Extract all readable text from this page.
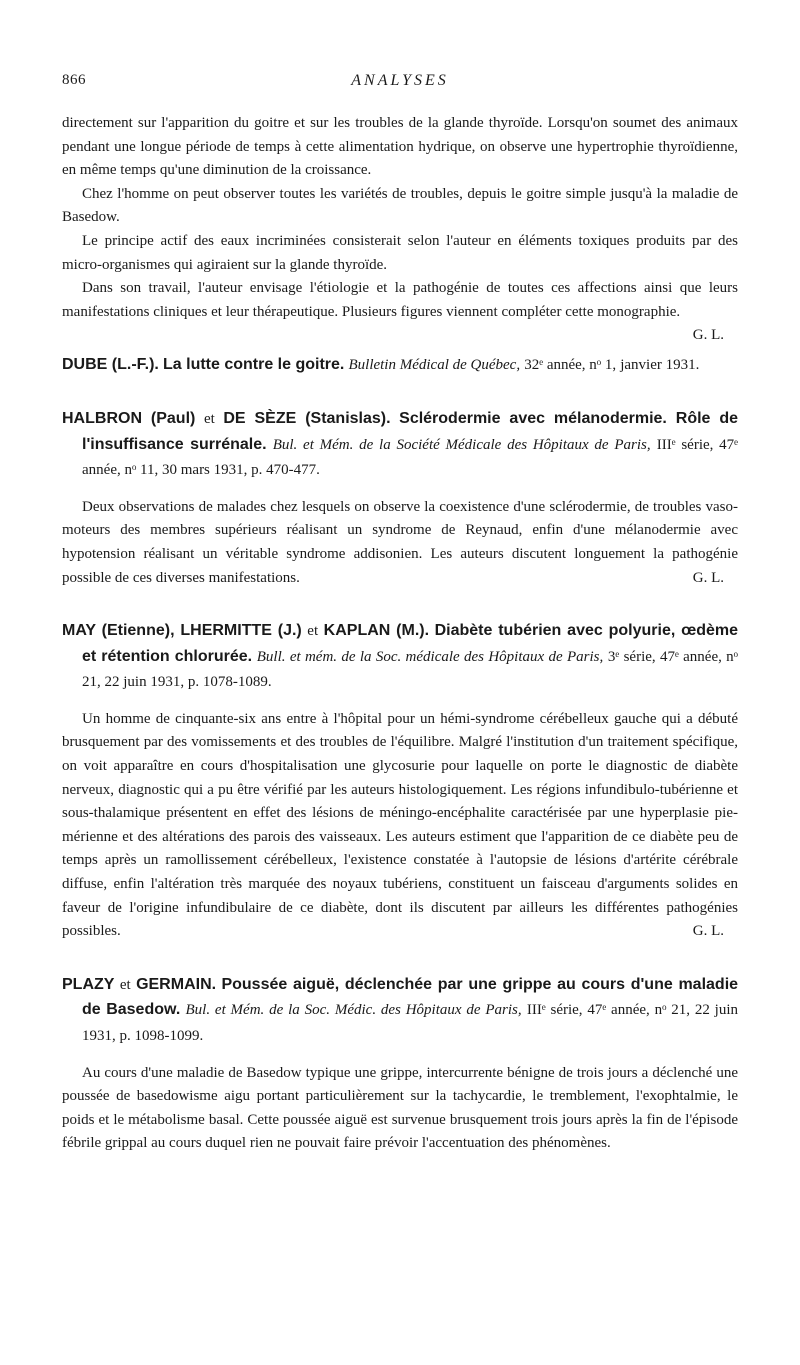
866	ANALYSES

directement sur l'apparition du goitre et sur les troubles de la glande thyroïde. Lorsqu'on soumet des animaux pendant une longue période de temps à cette alimentation hydrique, on observe une hypertrophie thyroïdienne, en même temps qu'une diminution de la croissance.

Chez l'homme on peut observer toutes les variétés de troubles, depuis le goitre simple jusqu'à la maladie de Basedow.

Le principe actif des eaux incriminées consisterait selon l'auteur en éléments toxiques produits par des micro-organismes qui agiraient sur la glande thyroïde.

Dans son travail, l'auteur envisage l'étiologie et la pathogénie de toutes ces affections ainsi que leurs manifestations cliniques et leur thérapeutique. Plusieurs figures viennent compléter cette monographie.
G. L.

DUBE (L.-F.). La lutte contre le goitre. Bulletin Médical de Québec, 32ᵉ année, nᵒ 1, janvier 1931.
HALBRON (Paul) et DE SÈZE (Stanislas). Sclérodermie avec mélanodermie. Rôle de l'insuffisance surrénale. Bul. et Mém. de la Société Médicale des Hôpitaux de Paris, IIIᵉ série, 47ᵉ année, nᵒ 11, 30 mars 1931, p. 470-477.

Deux observations de malades chez lesquels on observe la coexistence d'une sclérodermie, de troubles vaso-moteurs des membres supérieurs réalisant un syndrome de Reynaud, enfin d'une mélanodermie avec hypotension réalisant un véritable syndrome addisonien. Les auteurs discutent longuement la pathogénie possible de ces diverses manifestations.	G. L.

MAY (Etienne), LHERMITTE (J.) et KAPLAN (M.). Diabète tubérien avec polyurie, œdème et rétention chlorurée. Bull. et mém. de la Soc. médicale des Hôpitaux de Paris, 3ᵉ série, 47ᵉ année, nᵒ 21, 22 juin 1931, p. 1078-1089.

Un homme de cinquante-six ans entre à l'hôpital pour un hémi-syndrome cérébelleux gauche qui a débuté brusquement par des vomissements et des troubles de l'équilibre. Malgré l'institution d'un traitement spécifique, on voit apparaître en cours d'hospitalisation une glycosurie pour laquelle on porte le diagnostic de diabète nerveux, diagnostic qui a pu être vérifié par les auteurs histologiquement. Les régions infundibulo-tubérienne et sous-thalamique présentent en effet des lésions de méningo-encéphalite caractérisée par une hyperplasie pie-mérienne et des altérations des parois des vaisseaux. Les auteurs estiment que l'apparition de ce diabète peu de temps après un ramollissement cérébelleux, l'existence constatée à l'autopsie de lésions d'artérite cérébrale diffuse, enfin l'altération très marquée des noyaux tubériens, constituent un faisceau d'arguments solides en faveur de l'origine infundibulaire de ce diabète, dont ils discutent par ailleurs les différentes pathogénies possibles.	G. L.

PLAZY et GERMAIN. Poussée aiguë, déclenchée par une grippe au cours d'une maladie de Basedow. Bul. et Mém. de la Soc. Médic. des Hôpitaux de Paris, IIIᵉ série, 47ᵉ année, nᵒ 21, 22 juin 1931, p. 1098-1099.

Au cours d'une maladie de Basedow typique une grippe, intercurrente bénigne de trois jours a déclenché une poussée de basedowisme aigu portant particulièrement sur la tachycardie, le tremblement, l'exophtalmie, le poids et le métabolisme basal. Cette poussée aiguë est survenue brusquement trois jours après la fin de l'épisode fébrile grippal au cours duquel rien ne pouvait faire prévoir l'accentuation des phénomènes.
